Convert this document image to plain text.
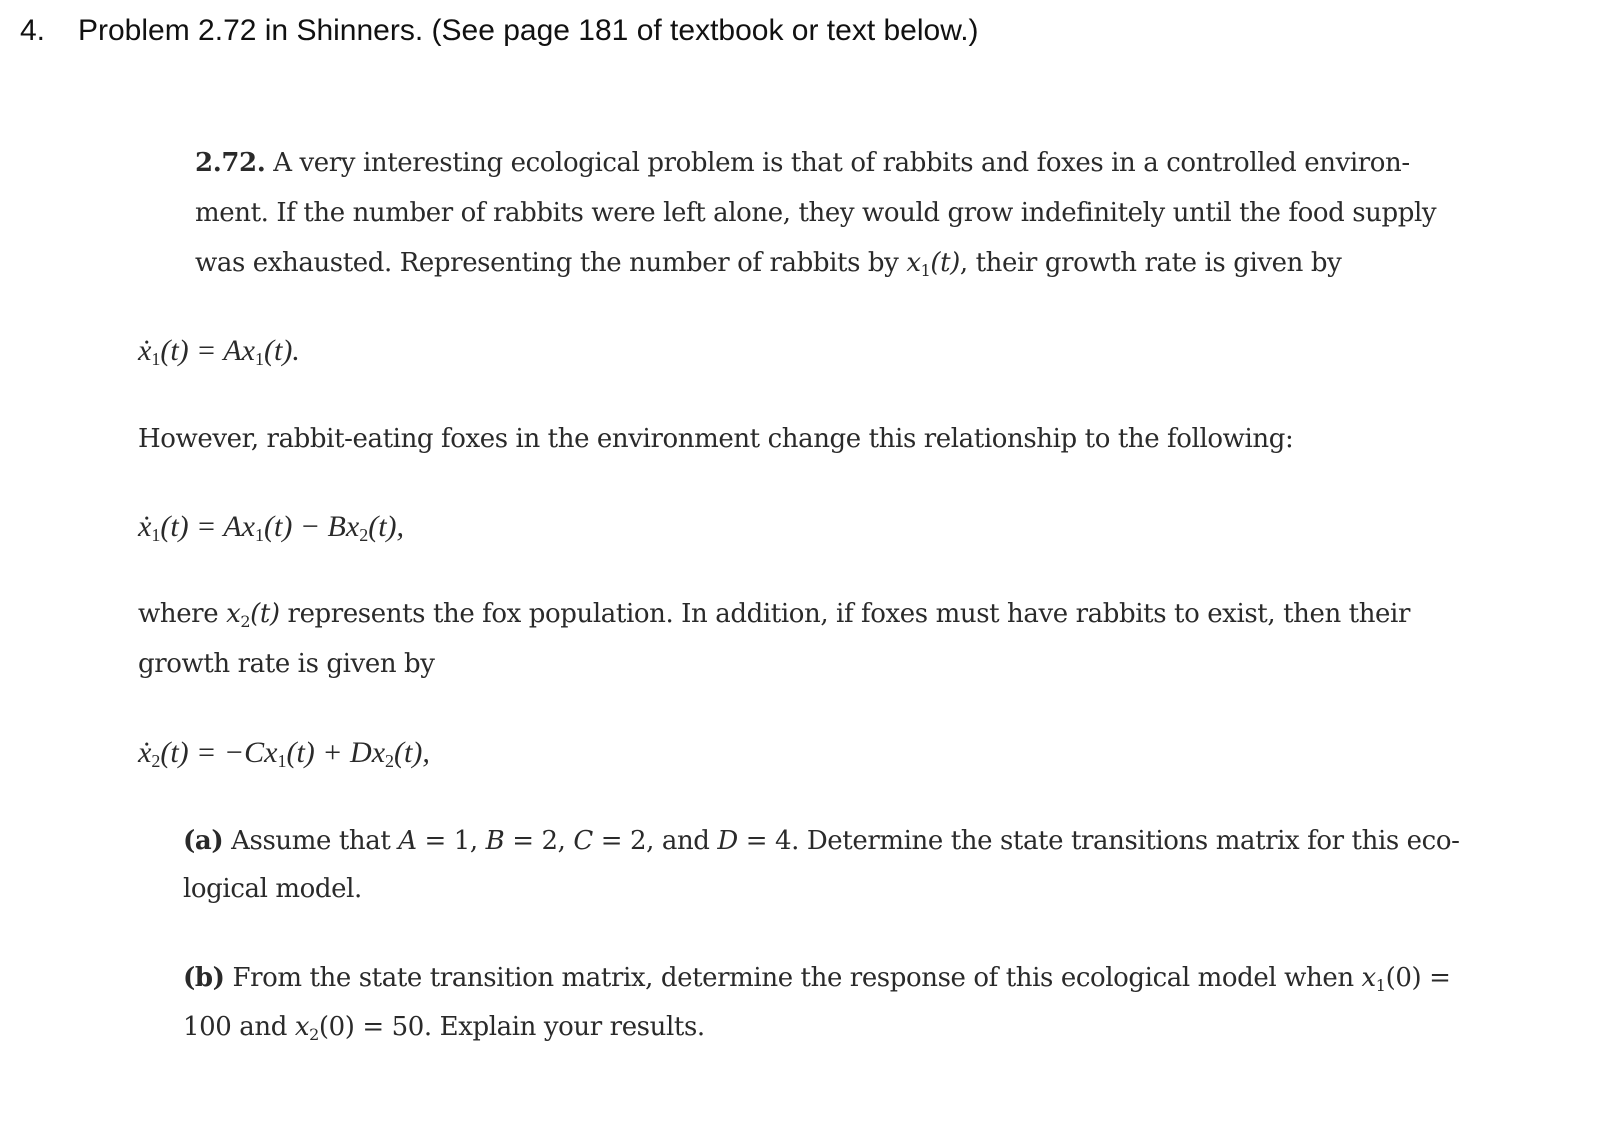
4. Problem 2.72 in Shinners. (See page 181 of textbook or text below.)
2.72. A very interesting ecological problem is that of rabbits and foxes in a controlled environ-
ment. If the number of rabbits were left alone, they would grow indefinitely until the food supply
was exhausted. Representing the number of rabbits by $x_1(t)$, their growth rate is given by
ẋ$_1$(t) = $Ax_1(t)$.
However, rabbit-eating foxes in the environment change this relationship to the following:
ẋ$_1$(t) = $Ax_1(t) - Bx_2(t)$,
where $x_2(t)$ represents the fox population. In addition, if foxes must have rabbits to exist, then their
growth rate is given by
ẋ$_2$(t) = $-Cx_1(t) + Dx_2(t)$,
(a) Assume that A = 1, B = 2, C = 2, and D = 4. Determine the state transitions matrix for this eco-
logical model.
(b) From the state transition matrix, determine the response of this ecological model when $x_1(0)$ =
100 and $x_2(0) = 50$. Explain your results.
